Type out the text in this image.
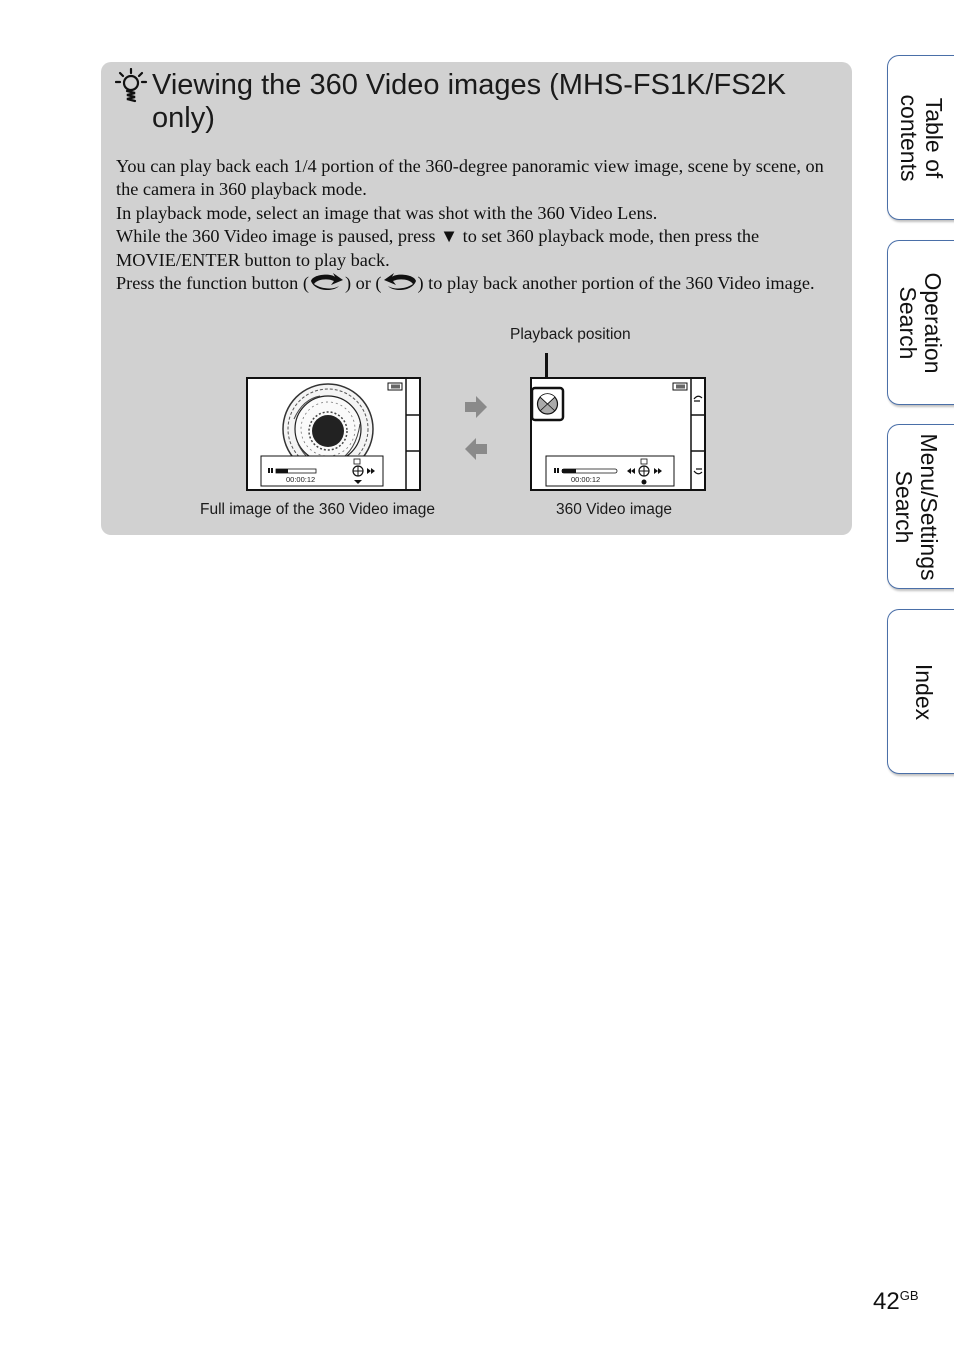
Viewing the 360 Video images (MHS-FS1K/FS2K only)

You can play back each 1/4 portion of the 360-degree panoramic view image, scene by scene, on the camera in 360 playback mode.

In playback mode, select an image that was shot with the 360 Video Lens.

While the 360 Video image is paused, press ▼ to set 360 playback mode, then press the MOVIE/ENTER button to play back.

Press the function button ( ) or ( ) to play back another portion of the 360 Video image.

Playback position
00:00:12	00:00:12
Full image of the 360 Video image	360 Video image
Table of
contents
Operation
Search
Menu/Settings
Search
Index
$42^{GB}$
